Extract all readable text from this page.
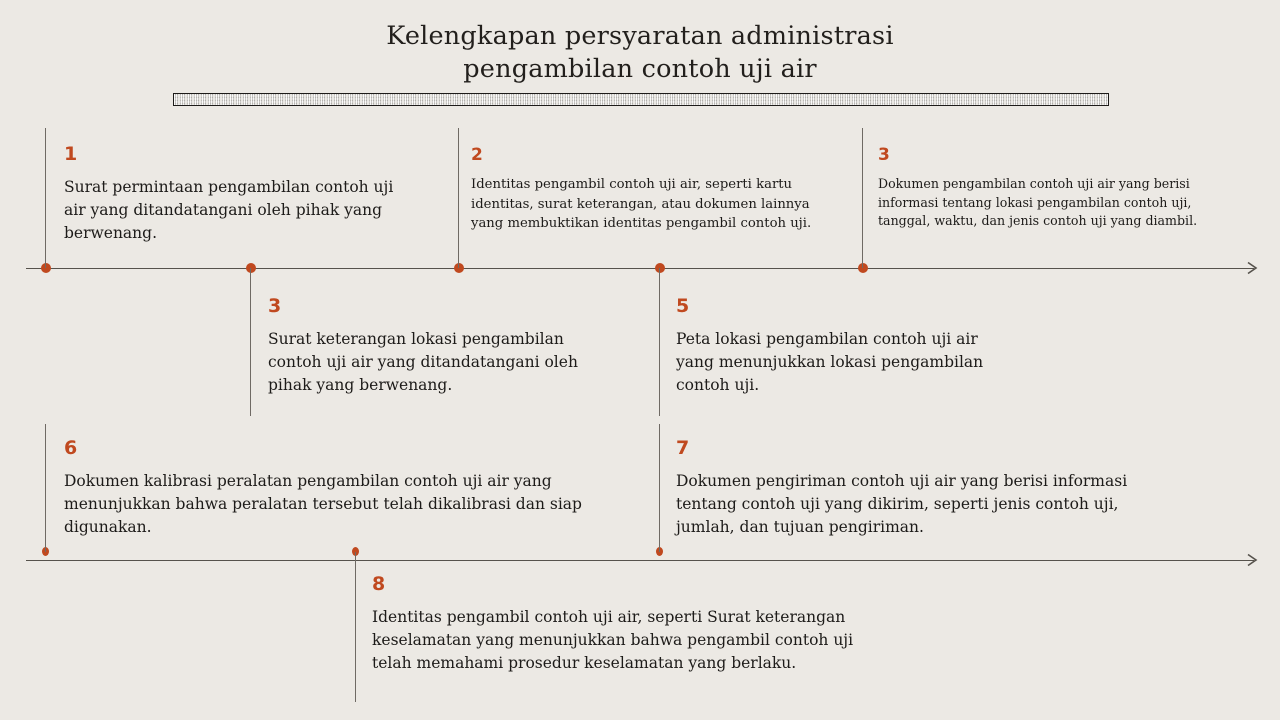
Kelengkapan persyaratan administrasi
pengambilan contoh uji air
1
Surat permintaan pengambilan contoh uji air yang ditandatangani oleh pihak yang berwenang.
2
Identitas pengambil contoh uji air, seperti kartu identitas, surat keterangan, atau dokumen lainnya yang membuktikan identitas pengambil contoh uji.
3
Dokumen pengambilan contoh uji air yang berisi informasi tentang lokasi pengambilan contoh uji, tanggal, waktu, dan jenis contoh uji yang diambil.
3
Surat keterangan lokasi pengambilan contoh uji air yang ditandatangani oleh pihak yang berwenang.
5
Peta lokasi pengambilan contoh uji air yang menunjukkan lokasi pengambilan contoh uji.
6
Dokumen kalibrasi peralatan pengambilan contoh uji air yang menunjukkan bahwa peralatan tersebut telah dikalibrasi dan siap digunakan.
7
Dokumen pengiriman contoh uji air yang berisi informasi tentang contoh uji yang dikirim, seperti jenis contoh uji, jumlah, dan tujuan pengiriman.
8
Identitas pengambil contoh uji air, seperti Surat keterangan keselamatan yang menunjukkan bahwa pengambil contoh uji telah memahami prosedur keselamatan yang berlaku.
